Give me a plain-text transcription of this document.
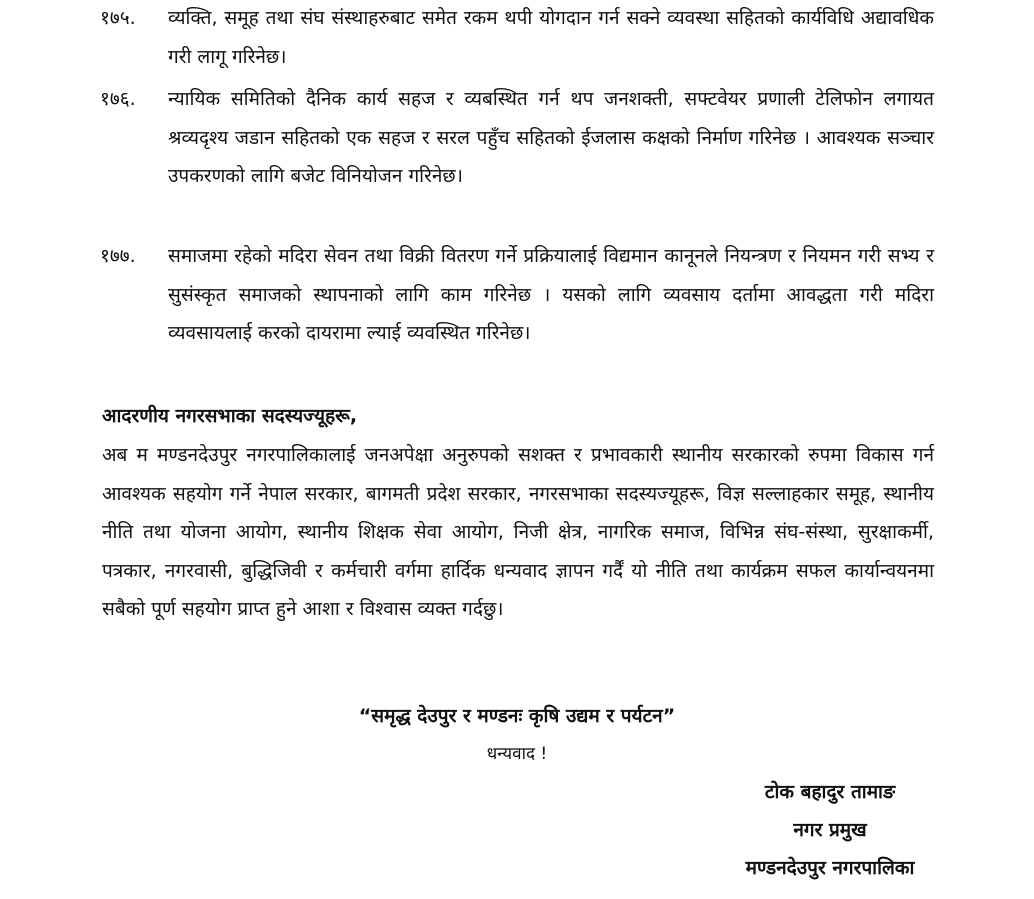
१७५.	व्यक्ति, समूह तथा संघ संस्थाहरुबाट समेत रकम थपी योगदान गर्न सक्ने व्यवस्था सहितको कार्यविधि अद्यावधिक गरी लागू गरिनेछ।
१७६.	न्यायिक समितिको दैनिक कार्य सहज र व्यबस्थित गर्न थप जनशक्ती, सफ्टवेयर प्रणाली टेलिफोन लगायत श्रव्यदृश्य जडान सहितको एक सहज र सरल पहुँच सहितको ईजलास कक्षको निर्माण गरिनेछ । आवश्यक सञ्चार उपकरणको लागि बजेट विनियोजन गरिनेछ।
१७७.	समाजमा रहेको मदिरा सेवन तथा विक्री वितरण गर्ने प्रक्रियालाई विद्यमान कानूनले नियन्त्रण र नियमन गरी सभ्य र सुसंस्कृत समाजको स्थापनाको लागि काम गरिनेछ । यसको लागि व्यवसाय दर्तामा आवद्धता गरी मदिरा व्यवसायलाई करको दायरामा ल्याई व्यवस्थित गरिनेछ।
आदरणीय नगरसभाका सदस्यज्यूहरू,
अब म मण्डनदेउपुर नगरपालिकालाई जनअपेक्षा अनुरुपको सशक्त र प्रभावकारी स्थानीय सरकारको रुपमा विकास गर्न आवश्यक सहयोग गर्ने नेपाल सरकार, बागमती प्रदेश सरकार, नगरसभाका सदस्यज्यूहरू, विज्ञ सल्लाहकार समूह, स्थानीय नीति तथा योजना आयोग, स्थानीय शिक्षक सेवा आयोग, निजी क्षेत्र, नागरिक समाज, विभिन्न संघ-संस्था, सुरक्षाकर्मी, पत्रकार, नगरवासी, बुद्धिजिवी र कर्मचारी वर्गमा हार्दिक धन्यवाद ज्ञापन गर्दैं यो नीति तथा कार्यक्रम सफल कार्यान्वयनमा सबैको पूर्ण सहयोग प्राप्त हुने आशा र विश्वास व्यक्त गर्दछु।
“समृद्ध देउपुर र मण्डनः कृषि उद्यम र पर्यटन”
धन्यवाद !
टोक बहादुर तामाङ
नगर प्रमुख
मण्डनदेउपुर नगरपालिका
